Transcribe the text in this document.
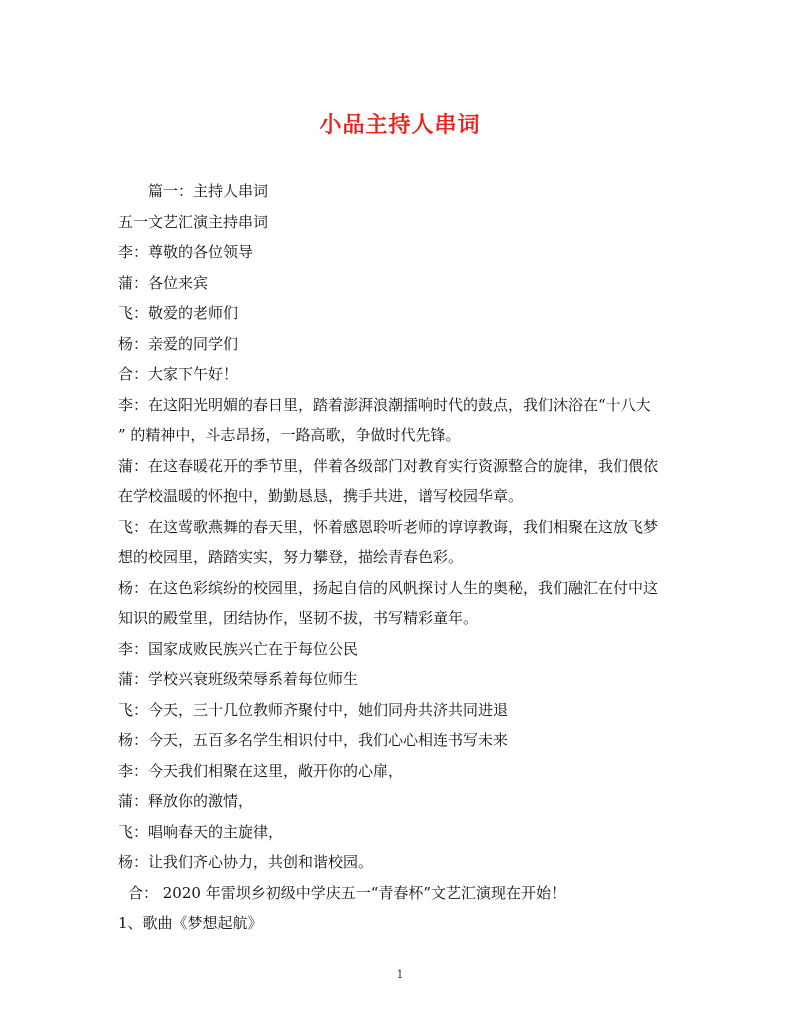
小品主持人串词
篇一：主持人串词
五一文艺汇演主持串词
李：尊敬的各位领导
蒲：各位来宾
飞：敬爱的老师们
杨：亲爱的同学们
合：大家下午好！
李：在这阳光明媚的春日里，踏着澎湃浪潮擂响时代的鼓点，我们沐浴在“十八大
” 的精神中，斗志昂扬，一路高歌，争做时代先锋。
蒲：在这春暖花开的季节里，伴着各级部门对教育实行资源整合的旋律，我们偎依
在学校温暖的怀抱中，勤勤恳恳，携手共进，谱写校园华章。
飞：在这莺歌燕舞的春天里，怀着感恩聆听老师的谆谆教诲，我们相聚在这放飞梦
想的校园里，踏踏实实，努力攀登，描绘青春色彩。
杨：在这色彩缤纷的校园里，扬起自信的风帆探讨人生的奥秘，我们融汇在付中这
知识的殿堂里，团结协作，坚韧不拔，书写精彩童年。
李：国家成败民族兴亡在于每位公民
蒲：学校兴衰班级荣辱系着每位师生
飞：今天，三十几位教师齐聚付中，她们同舟共济共同进退
杨：今天，五百多名学生相识付中，我们心心相连书写未来
李：今天我们相聚在这里，敞开你的心扉，
蒲：释放你的激情，
飞：唱响春天的主旋律，
杨：让我们齐心协力，共创和谐校园。
合： 2020 年雷坝乡初级中学庆五一“青春杯”文艺汇演现在开始！
1、歌曲《梦想起航》
1
